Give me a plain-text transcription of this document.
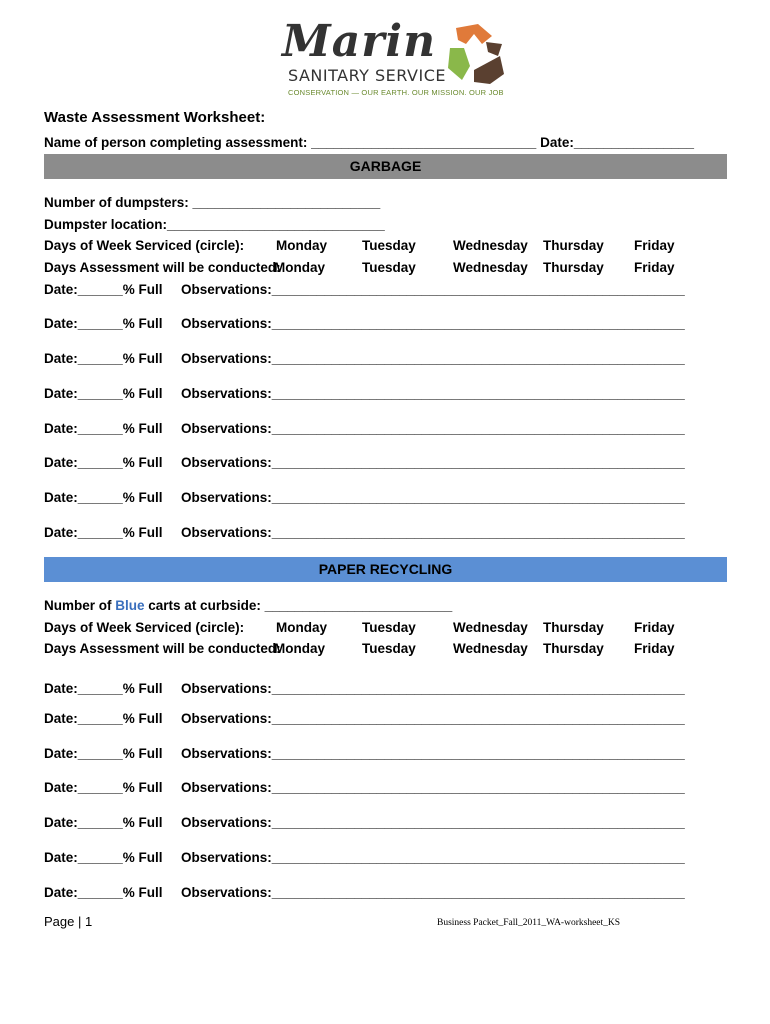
Marin
SANITARY SERVICE
CONSERVATION — OUR EARTH. OUR MISSION. OUR JOB
Waste Assessment Worksheet:
Name of person completing assessment: ______________________________ Date:________________
GARBAGE
Number of dumpsters: _________________________
Dumpster location:_____________________________
Days of Week Serviced (circle): Monday	Tuesday	Wednesday Thursday Friday
Days Assessment will be conducted:
Monday	Tuesday	Wednesday Thursday Friday
Date:______% Full Observations:_______________________________________________________
Date:______% Full Observations:_______________________________________________________
Date:______% Full Observations:_______________________________________________________
Date:______% Full Observations:_______________________________________________________
Date:______% Full Observations:_______________________________________________________
Date:______% Full Observations:_______________________________________________________
Date:______% Full Observations:_______________________________________________________
Date:______% Full Observations:_______________________________________________________
PAPER RECYCLING
Number of Blue carts at curbside: _________________________
Days of Week Serviced (circle): Monday	Tuesday	Wednesday Thursday Friday
Days Assessment will be conducted:
Monday	Tuesday	Wednesday Thursday Friday
Date:______% Full Observations:_______________________________________________________
Date:______% Full Observations:_______________________________________________________
Date:______% Full Observations:_______________________________________________________
Date:______% Full Observations:_______________________________________________________
Date:______% Full Observations:_______________________________________________________
Date:______% Full Observations:_______________________________________________________
Date:______% Full Observations:_______________________________________________________
Page | 1	Business Packet_Fall_2011_WA-worksheet_KS
